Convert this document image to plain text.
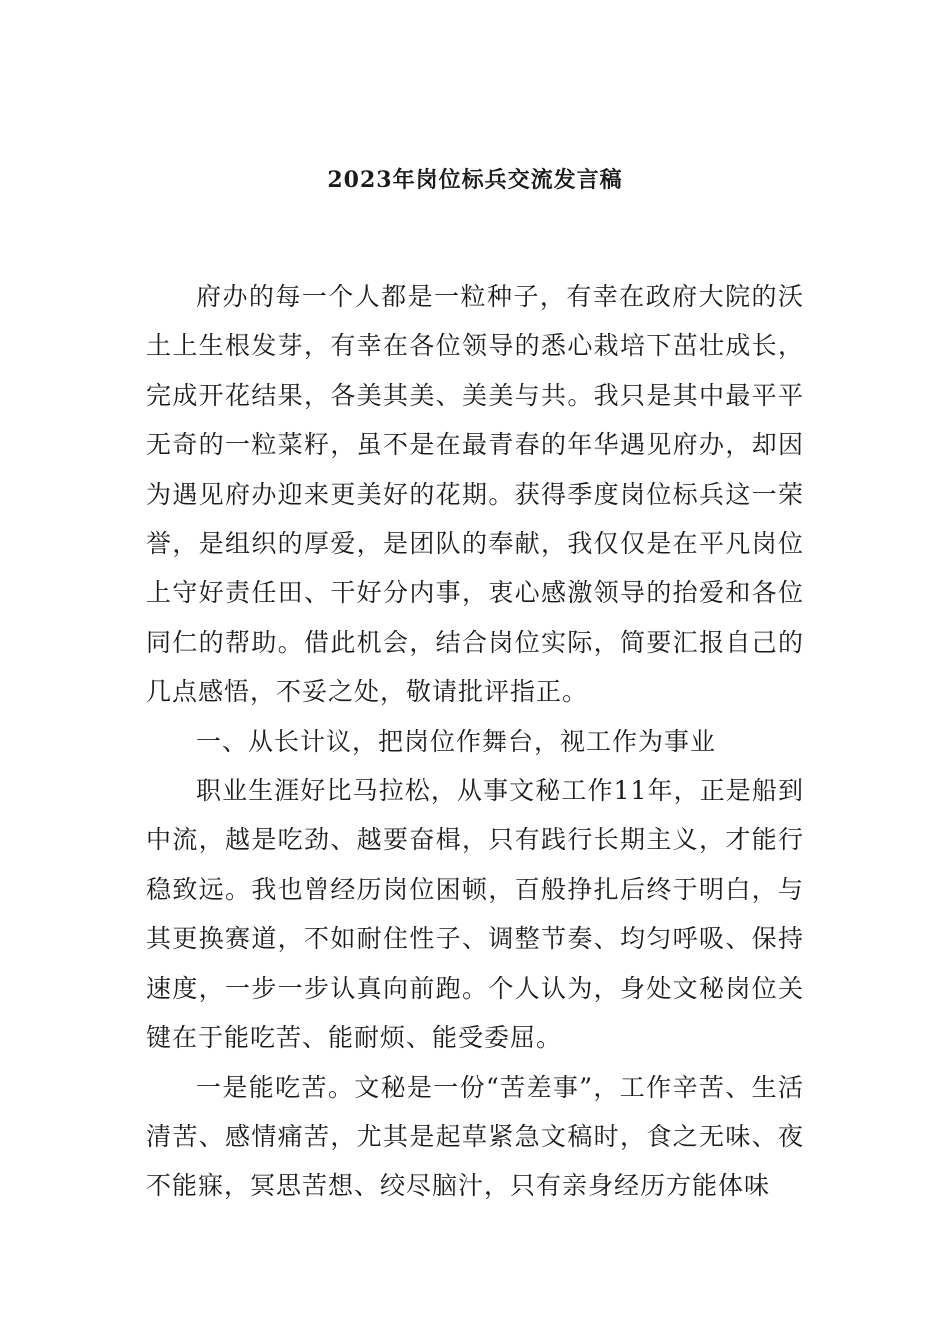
2023年岗位标兵交流发言稿

府办的每一个人都是一粒种子，有幸在政府大院的沃土上生根发芽，有幸在各位领导的悉心栽培下茁壮成长，完成开花结果，各美其美、美美与共。我只是其中最平平无奇的一粒菜籽，虽不是在最青春的年华遇见府办，却因为遇见府办迎来更美好的花期。获得季度岗位标兵这一荣誉，是组织的厚爱，是团队的奉献，我仅仅是在平凡岗位上守好责任田、干好分内事，衷心感激领导的抬爱和各位同仁的帮助。借此机会，结合岗位实际，简要汇报自己的几点感悟，不妥之处，敬请批评指正。

一、从长计议，把岗位作舞台，视工作为事业

职业生涯好比马拉松，从事文秘工作11年，正是船到中流，越是吃劲、越要奋楫，只有践行长期主义，才能行稳致远。我也曾经历岗位困顿，百般挣扎后终于明白，与其更换赛道，不如耐住性子、调整节奏、均匀呼吸、保持速度，一步一步认真向前跑。个人认为，身处文秘岗位关键在于能吃苦、能耐烦、能受委屈。

一是能吃苦。文秘是一份“苦差事”，工作辛苦、生活清苦、感情痛苦，尤其是起草紧急文稿时，食之无味、夜不能寐，冥思苦想、绞尽脑汁，只有亲身经历方能体味
